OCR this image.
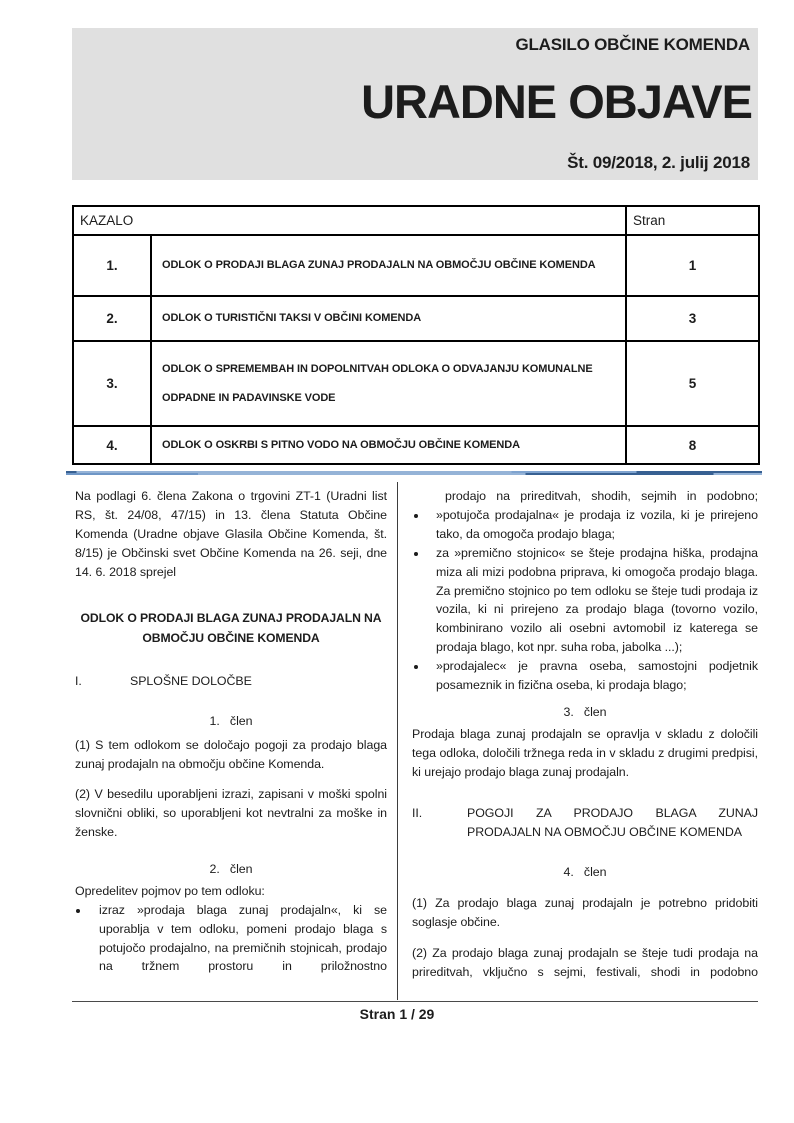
GLASILO OBČINE KOMENDA
URADNE OBJAVE
Št. 09/2018, 2. julij 2018
KAZALO		Stran
1.	ODLOK O PRODAJI BLAGA ZUNAJ PRODAJALN NA OBMOČJU OBČINE KOMENDA	1
2.	ODLOK O TURISTIČNI TAKSI V OBČINI KOMENDA	3
3.	ODLOK O SPREMEMBAH IN DOPOLNITVAH ODLOKA O ODVAJANJU KOMUNALNE ODPADNE IN PADAVINSKE VODE	5
4.	ODLOK O OSKRBI S PITNO VODO NA OBMOČJU OBČINE KOMENDA	8

Na podlagi 6. člena Zakona o trgovini ZT-1 (Uradni list RS, št. 24/08, 47/15) in 13. člena Statuta Občine Komenda (Uradne objave Glasila Občine Komenda, št. 8/15) je Občinski svet Občine Komenda na 26. seji, dne 14. 6. 2018 sprejel

ODLOK O PRODAJI BLAGA ZUNAJ PRODAJALN NA OBMOČJU OBČINE KOMENDA
I.	SPLOŠNE DOLOČBE
1.   člen

(1) S tem odlokom se določajo pogoji za prodajo blaga zunaj prodajaln na območju občine Komenda.

(2) V besedilu uporabljeni izrazi, zapisani v moški spolni slovnični obliki, so uporabljeni kot nevtralni za moške in ženske.

2.   člen

Opredelitev pojmov po tem odloku:

• izraz »prodaja blaga zunaj prodajaln«, ki se uporablja v tem odloku, pomeni prodajo blaga s potujočo prodajalno, na premičnih stojnicah, prodajo na tržnem prostoru in priložnostno

prodajo na prireditvah, shodih, sejmih in podobno;

• »potujoča prodajalna« je prodaja iz vozila, ki je prirejeno tako, da omogoča prodajo blaga;
• za »premično stojnico« se šteje prodajna hiška, prodajna miza ali mizi podobna priprava, ki omogoča prodajo blaga. Za premično stojnico po tem odloku se šteje tudi prodaja iz vozila, ki ni prirejeno za prodajo blaga (tovorno vozilo, kombinirano vozilo ali osebni avtomobil iz katerega se prodaja blago, kot npr. suha roba, jabolka ...);
• »prodajalec« je pravna oseba, samostojni podjetnik posameznik in fizična oseba, ki prodaja blago;
3.   člen

Prodaja blaga zunaj prodajaln se opravlja v skladu z določili tega odloka, določili tržnega reda in v skladu z drugimi predpisi, ki urejajo prodajo blaga zunaj prodajaln.

II.	POGOJI ZA PRODAJO BLAGA ZUNAJ PRODAJALN NA OBMOČJU OBČINE KOMENDA
4.   člen

(1) Za prodajo blaga zunaj prodajaln je potrebno pridobiti soglasje občine.

(2) Za prodajo blaga zunaj prodajaln se šteje tudi prodaja na prireditvah, vključno s sejmi, festivali, shodi in podobno

Stran 1 / 29
